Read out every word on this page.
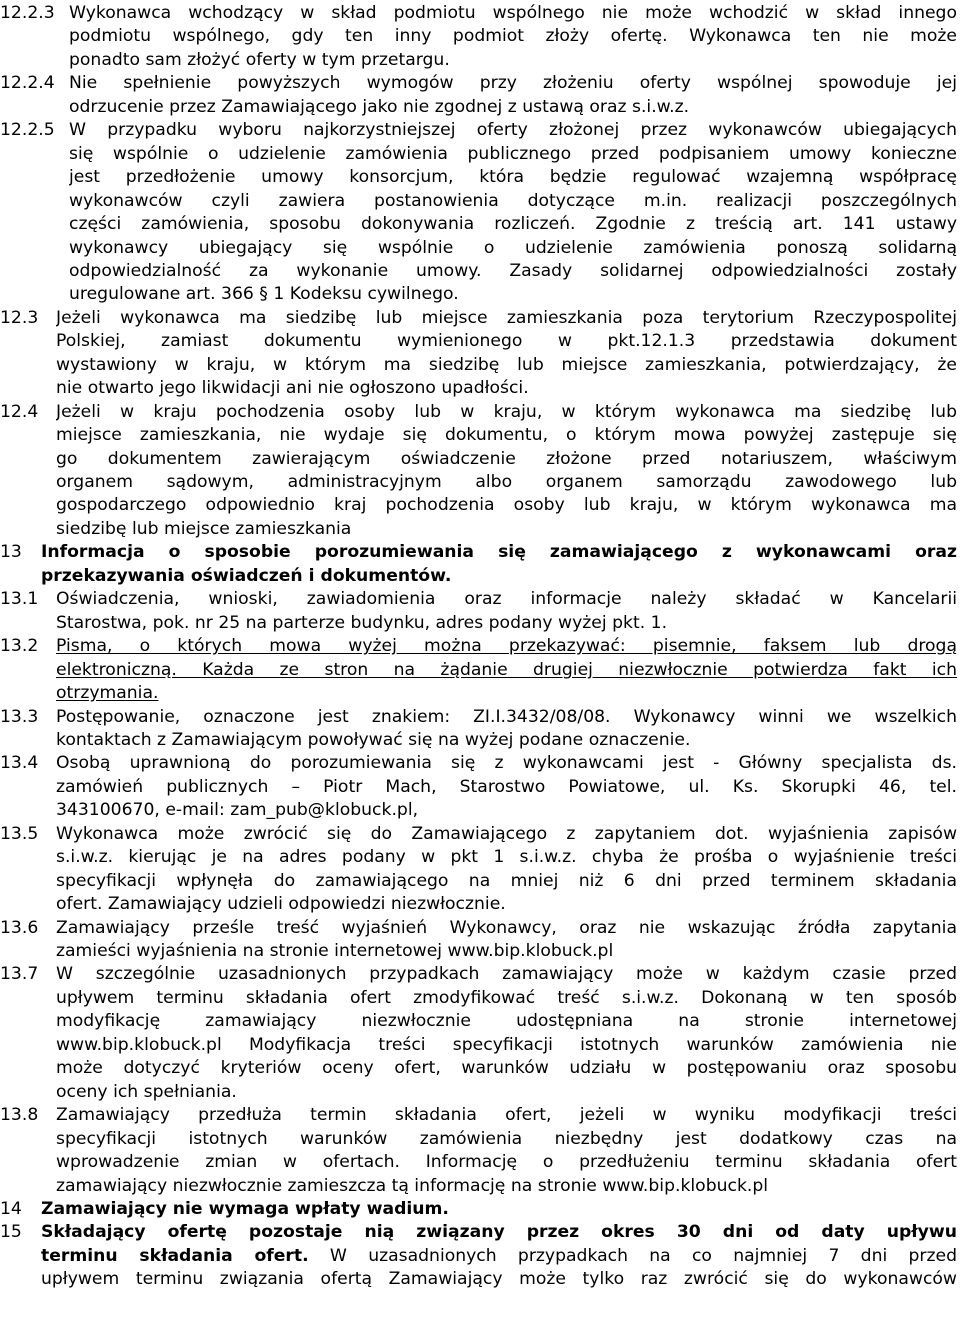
12.2.3 Wykonawca wchodzący w skład podmiotu wspólnego nie może wchodzić w skład innego
podmiotu wspólnego, gdy ten inny podmiot złoży ofertę. Wykonawca ten nie może
ponadto sam złożyć oferty w tym przetargu.
12.2.4 Nie spełnienie powyższych wymogów przy złożeniu oferty wspólnej spowoduje jej
odrzucenie przez Zamawiającego jako nie zgodnej z ustawą oraz s.i.w.z.
12.2.5 W przypadku wyboru najkorzystniejszej oferty złożonej przez wykonawców ubiegających
się wspólnie o udzielenie zamówienia publicznego przed podpisaniem umowy konieczne
jest przedłożenie umowy konsorcjum, która będzie regulować wzajemną współpracę
wykonawców czyli zawiera postanowienia dotyczące m.in. realizacji poszczególnych
części zamówienia, sposobu dokonywania rozliczeń. Zgodnie z treścią art. 141 ustawy
wykonawcy ubiegający się wspólnie o udzielenie zamówienia ponoszą solidarną
odpowiedzialność za wykonanie umowy. Zasady solidarnej odpowiedzialności zostały
uregulowane art. 366 § 1 Kodeksu cywilnego.
12.3 Jeżeli wykonawca ma siedzibę lub miejsce zamieszkania poza terytorium Rzeczypospolitej
Polskiej, zamiast dokumentu wymienionego w pkt.12.1.3 przedstawia dokument
wystawiony w kraju, w którym ma siedzibę lub miejsce zamieszkania, potwierdzający, że
nie otwarto jego likwidacji ani nie ogłoszono upadłości.
12.4 Jeżeli w kraju pochodzenia osoby lub w kraju, w którym wykonawca ma siedzibę lub
miejsce zamieszkania, nie wydaje się dokumentu, o którym mowa powyżej zastępuje się
go dokumentem zawierającym oświadczenie złożone przed notariuszem, właściwym
organem sądowym, administracyjnym albo organem samorządu zawodowego lub
gospodarczego odpowiednio kraj pochodzenia osoby lub kraju, w którym wykonawca ma
siedzibę lub miejsce zamieszkania
13 Informacja o sposobie porozumiewania się zamawiającego z wykonawcami oraz
przekazywania oświadczeń i dokumentów.
13.1 Oświadczenia, wnioski, zawiadomienia oraz informacje należy składać w Kancelarii
Starostwa, pok. nr 25 na parterze budynku, adres podany wyżej pkt. 1.
13.2 Pisma, o których mowa wyżej można przekazywać: pisemnie, faksem lub drogą
elektroniczną. Każda ze stron na żądanie drugiej niezwłocznie potwierdza fakt ich
otrzymania.
13.3 Postępowanie, oznaczone jest znakiem: ZI.I.3432/08/08. Wykonawcy winni we wszelkich
kontaktach z Zamawiającym powoływać się na wyżej podane oznaczenie.
13.4 Osobą uprawnioną do porozumiewania się z wykonawcami jest - Główny specjalista ds.
zamówień publicznych – Piotr Mach, Starostwo Powiatowe, ul. Ks. Skorupki 46, tel.
343100670, e-mail: zam_pub@klobuck.pl,
13.5 Wykonawca może zwrócić się do Zamawiającego z zapytaniem dot. wyjaśnienia zapisów
s.i.w.z. kierując je na adres podany w pkt 1 s.i.w.z. chyba że prośba o wyjaśnienie treści
specyfikacji wpłynęła do zamawiającego na mniej niż 6 dni przed terminem składania
ofert. Zamawiający udzieli odpowiedzi niezwłocznie.
13.6 Zamawiający prześle treść wyjaśnień Wykonawcy, oraz nie wskazując źródła zapytania
zamieści wyjaśnienia na stronie internetowej www.bip.klobuck.pl
13.7 W szczególnie uzasadnionych przypadkach zamawiający może w każdym czasie przed
upływem terminu składania ofert zmodyfikować treść s.i.w.z. Dokonaną w ten sposób
modyfikację zamawiający niezwłocznie udostępniana na stronie internetowej
www.bip.klobuck.pl Modyfikacja treści specyfikacji istotnych warunków zamówienia nie
może dotyczyć kryteriów oceny ofert, warunków udziału w postępowaniu oraz sposobu
oceny ich spełniania.
13.8 Zamawiający przedłuża termin składania ofert, jeżeli w wyniku modyfikacji treści
specyfikacji istotnych warunków zamówienia niezbędny jest dodatkowy czas na
wprowadzenie zmian w ofertach. Informację o przedłużeniu terminu składania ofert
zamawiający niezwłocznie zamieszcza tą informację na stronie www.bip.klobuck.pl
14 Zamawiający nie wymaga wpłaty wadium.
15 Składający ofertę pozostaje nią związany przez okres 30 dni od daty upływu
terminu składania ofert. W uzasadnionych przypadkach na co najmniej 7 dni przed
upływem terminu związania ofertą Zamawiający może tylko raz zwrócić się do wykonawców
